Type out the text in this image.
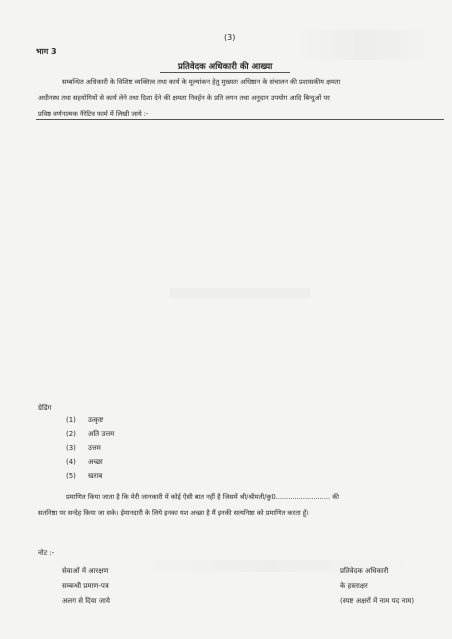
(3)
भाग 3
प्रतिवेदक अधिकारी की आख्या
सम्बन्धित अधिकारी के विशिष्ट व्यक्तित्व तथा कार्य के मूल्यांकन हेतु मुख्यतः अधिष्ठान के संचालन की प्रशासकीय क्षमता
अधीनस्थ तथा सहयोगियों से कार्य लेने तथा दिशा देने की क्षमता निवर्हन के प्रति लगन तथा अनुदान उपयोग आदि बिन्दुओं पर
प्रविष्ठ वर्णनात्मक नैरेटिव फार्म में लिखी जाये :-
ग्रेडिंग
(1) उत्कृष्ट
(2) अति उत्तम
(3) उत्तम
(4) अच्छा
(5) खराब
प्रमाणित किया जाता है कि मेरी जानकारी में कोई ऐसी बात नहीं है जिसमें श्री/श्रीमती/कु0.......................... की
सतनिष्ठा पर सन्देह किया जा सके। ईमानदारी के लिये इनका यश अच्छा है मैं इनकी सत्यनिष्ठा को प्रमाणित करता हूँ।
नोट :-
सेवाओं में आरक्षण
सम्बन्धी प्रमाण-पत्र
अलग से दिया जाये
प्रतिवेदक अधिकारी
के हस्ताक्षर
(स्पष्ट अक्षरों में नाम पद नाम)
